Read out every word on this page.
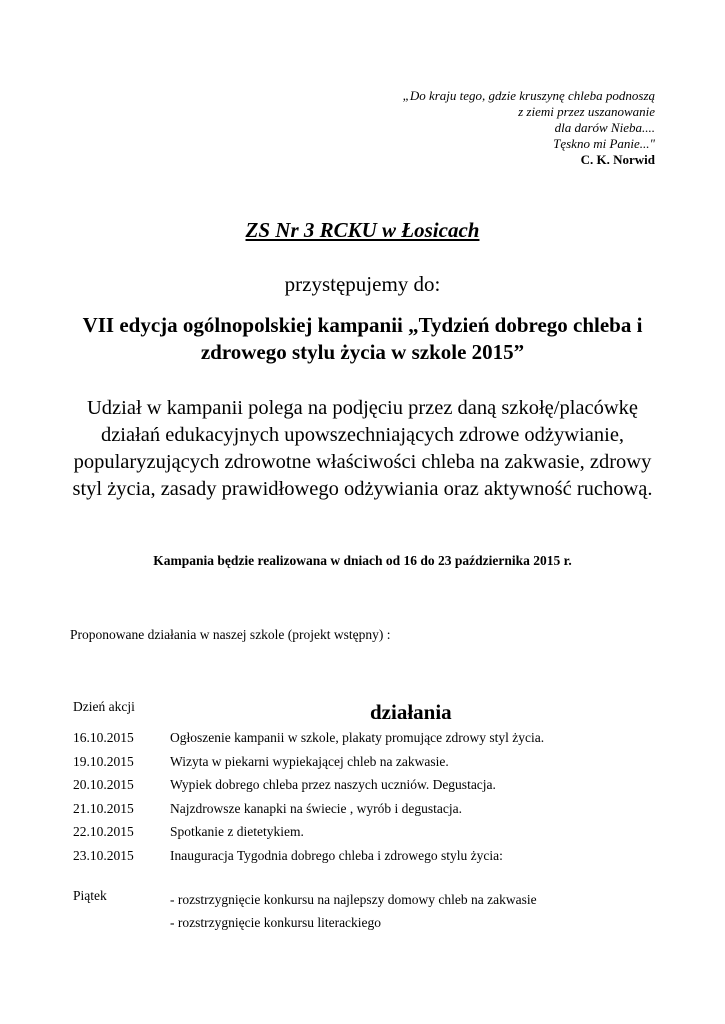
„Do kraju tego, gdzie kruszynę chleba podnoszą
z ziemi przez uszanowanie
dla darów Nieba....
Tęskno mi Panie..."
C. K. Norwid
ZS Nr 3 RCKU w Łosicach
przystępujemy do:
VII edycja ogólnopolskiej kampanii „Tydzień dobrego chleba i zdrowego stylu życia w szkole 2015”
Udział w kampanii polega na podjęciu przez daną szkołę/placówkę działań edukacyjnych upowszechniających zdrowe odżywianie, popularyzujących zdrowotne właściwości chleba na zakwasie, zdrowy styl życia, zasady prawidłowego odżywiania oraz aktywność ruchową.
Kampania będzie realizowana w dniach od 16 do 23 października 2015 r.
Proponowane działania w naszej szkole (projekt wstępny) :
Dzień akcji	działania
16.10.2015	Ogłoszenie kampanii w szkole, plakaty promujące zdrowy styl życia.
19.10.2015	Wizyta w piekarni wypiekającej chleb na zakwasie.
20.10.2015	Wypiek dobrego chleba przez naszych uczniów. Degustacja.
21.10.2015	Najzdrowsze kanapki na świecie , wyrób i degustacja.
22.10.2015	Spotkanie z dietetykiem.
23.10.2015	Inauguracja Tygodnia dobrego chleba i zdrowego stylu życia:
Piątek	- rozstrzygnięcie konkursu na najlepszy domowy chleb na zakwasie
- rozstrzygnięcie konkursu literackiego
